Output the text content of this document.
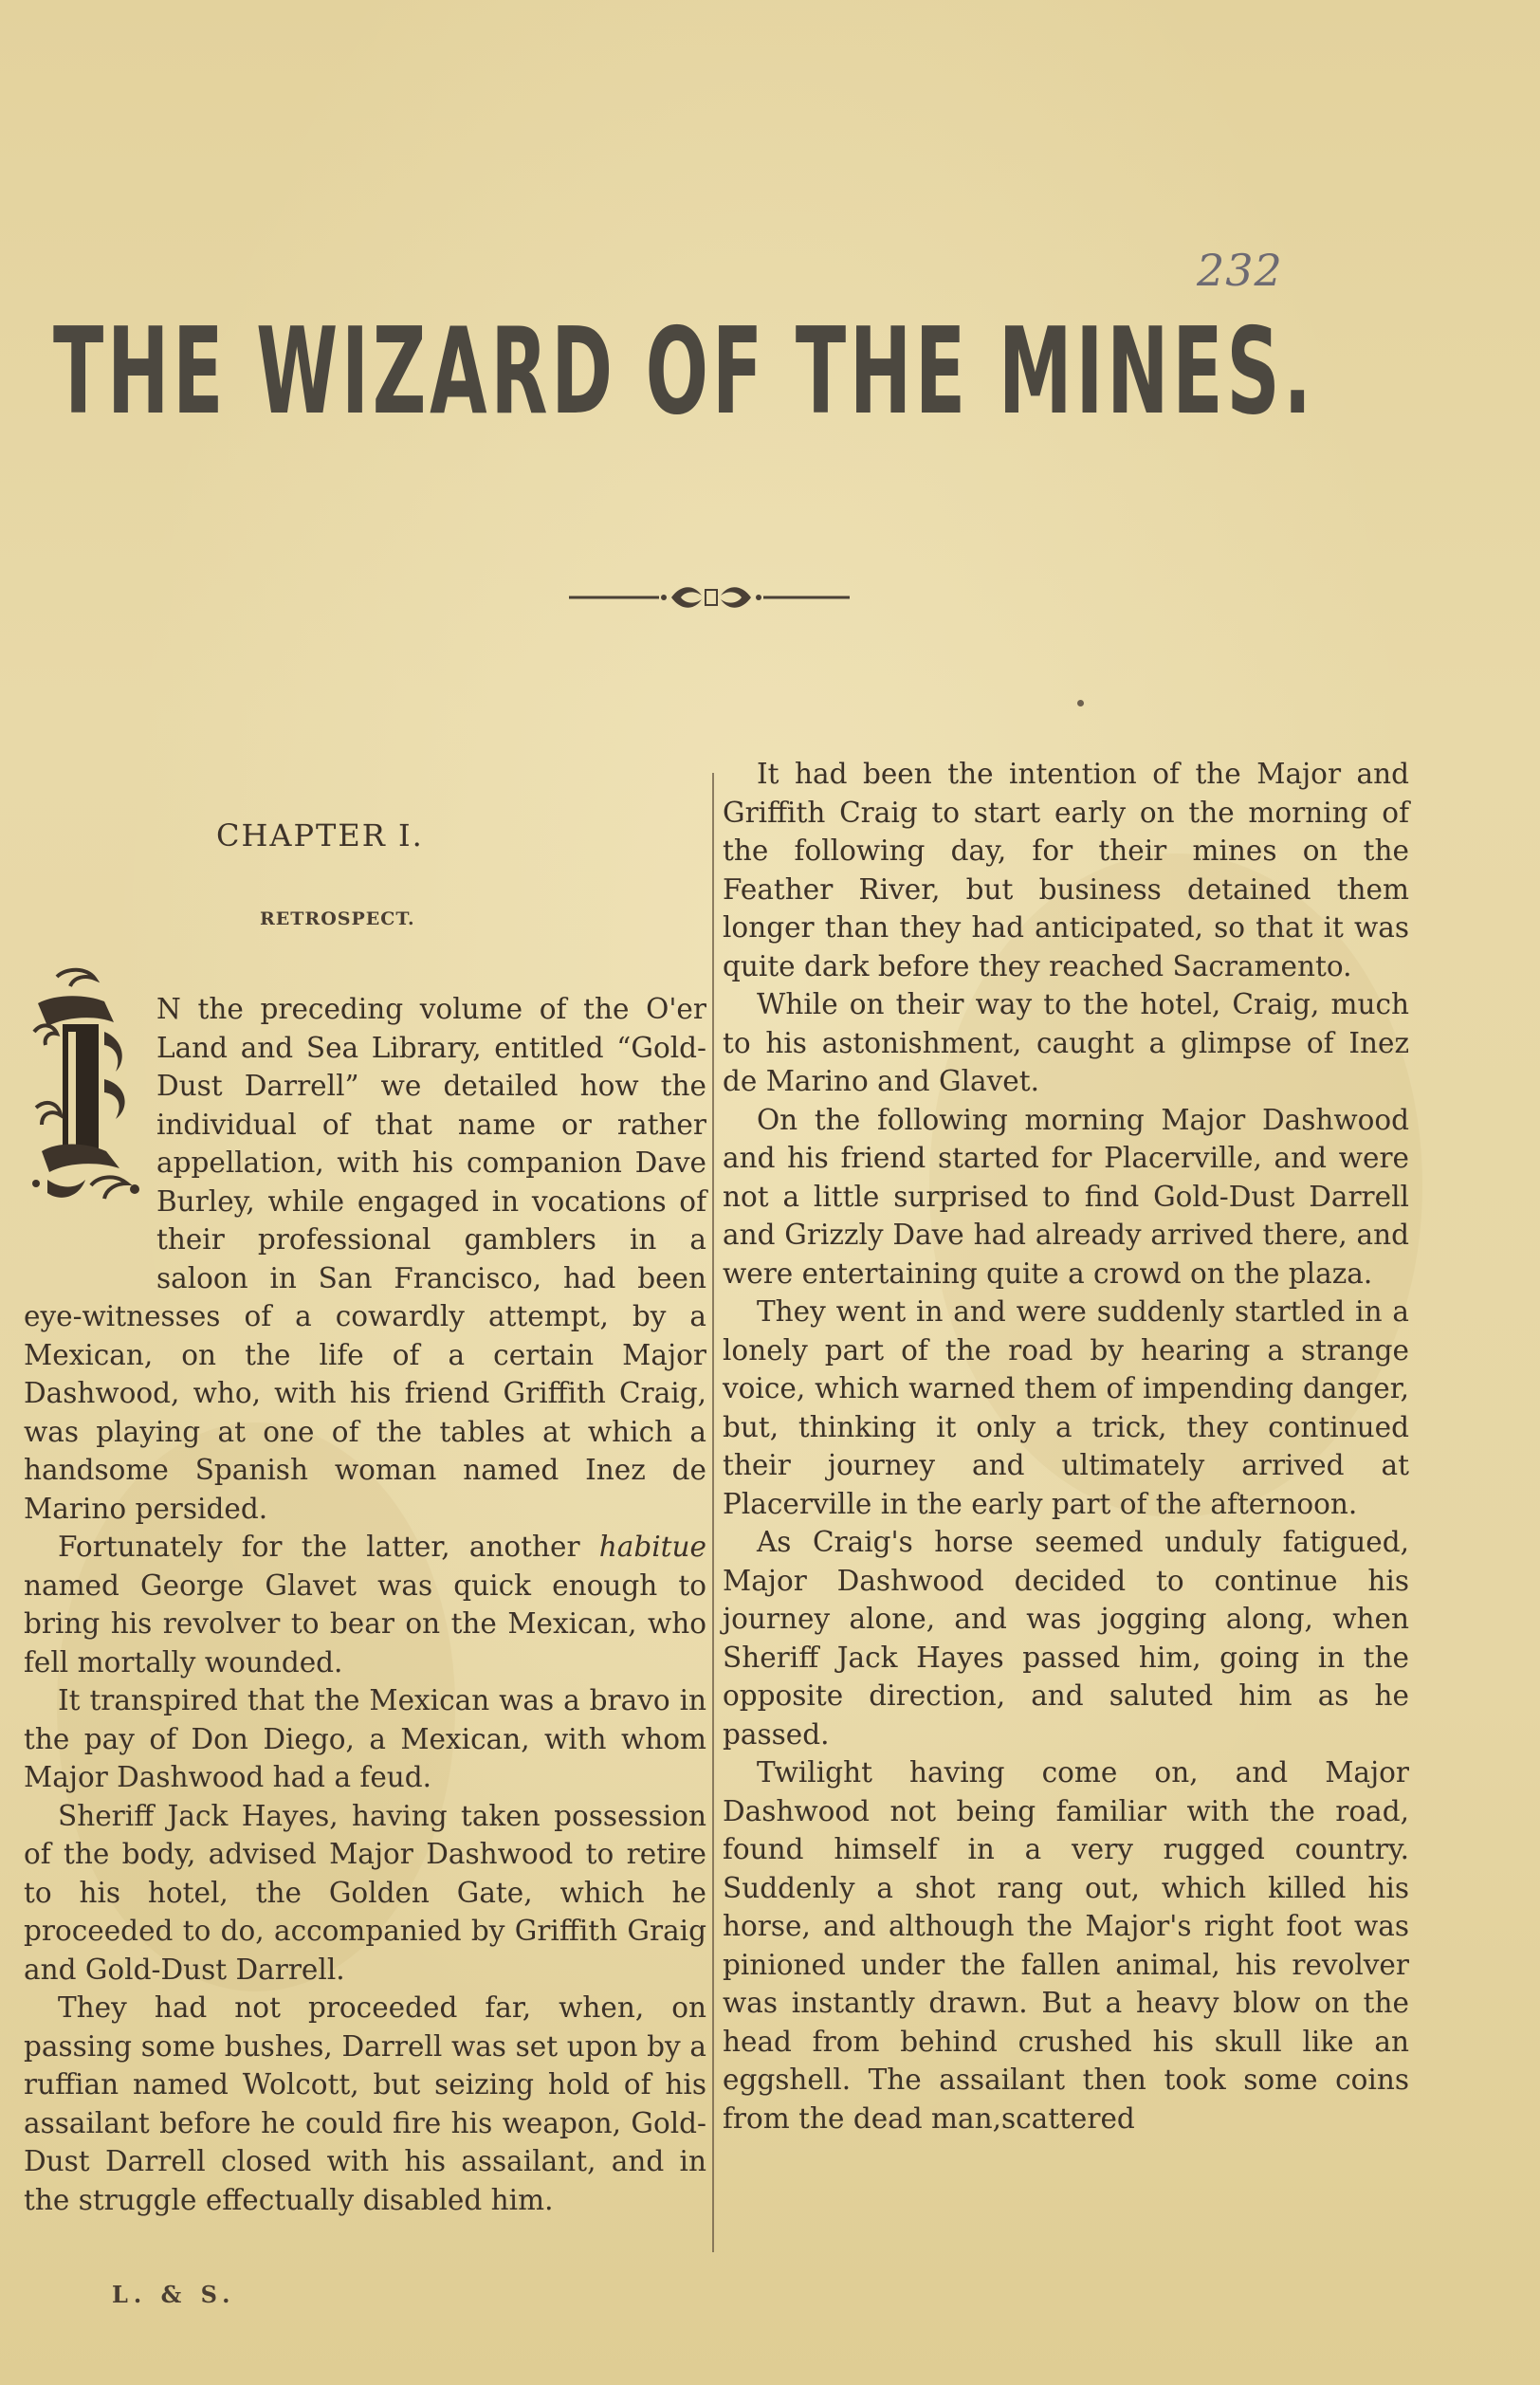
232
THE WIZARD OF THE MINES.
CHAPTER I.
RETROSPECT.

N the preceding volume of the O'er Land and Sea Library, entitled “Gold-Dust Darrell” we detailed how the individual of that name or rather appellation, with his companion Dave Burley, while engaged in vocations of their professional gamblers in a saloon in San Francisco, had been eye-witnesses of a cowardly attempt, by a Mexican, on the life of a certain Major Dashwood, who, with his friend Griffith Craig, was playing at one of the tables at which a handsome Spanish woman named Inez de Marino persided.

Fortunately for the latter, another habitue named George Glavet was quick enough to bring his revolver to bear on the Mexican, who fell mortally wounded.

It transpired that the Mexican was a bravo in the pay of Don Diego, a Mexican, with whom Major Dashwood had a feud.

Sheriff Jack Hayes, having taken possession of the body, advised Major Dashwood to retire to his hotel, the Golden Gate, which he proceeded to do, accompanied by Griffith Graig and Gold-Dust Darrell.

They had not proceeded far, when, on passing some bushes, Darrell was set upon by a ruffian named Wolcott, but seizing hold of his assailant before he could fire his weapon, Gold-Dust Darrell closed with his assailant, and in the struggle effectually disabled him.

It had been the intention of the Major and Griffith Craig to start early on the morning of the following day, for their mines on the Feather River, but business detained them longer than they had anticipated, so that it was quite dark before they reached Sacramento.

While on their way to the hotel, Craig, much to his astonishment, caught a glimpse of Inez de Marino and Glavet.

On the following morning Major Dashwood and his friend started for Placerville, and were not a little surprised to find Gold-Dust Darrell and Grizzly Dave had already arrived there, and were entertaining quite a crowd on the plaza.

They went in and were suddenly startled in a lonely part of the road by hearing a strange voice, which warned them of impending danger, but, thinking it only a trick, they continued their journey and ultimately arrived at Placerville in the early part of the afternoon.

As Craig's horse seemed unduly fatigued, Major Dashwood decided to continue his journey alone, and was jogging along, when Sheriff Jack Hayes passed him, going in the opposite direction, and saluted him as he passed.

Twilight having come on, and Major Dashwood not being familiar with the road, found himself in a very rugged country. Suddenly a shot rang out, which killed his horse, and although the Major's right foot was pinioned under the fallen animal, his revolver was instantly drawn. But a heavy blow on the head from behind crushed his skull like an eggshell. The assailant then took some coins from the dead man,scattered

L. & S.
